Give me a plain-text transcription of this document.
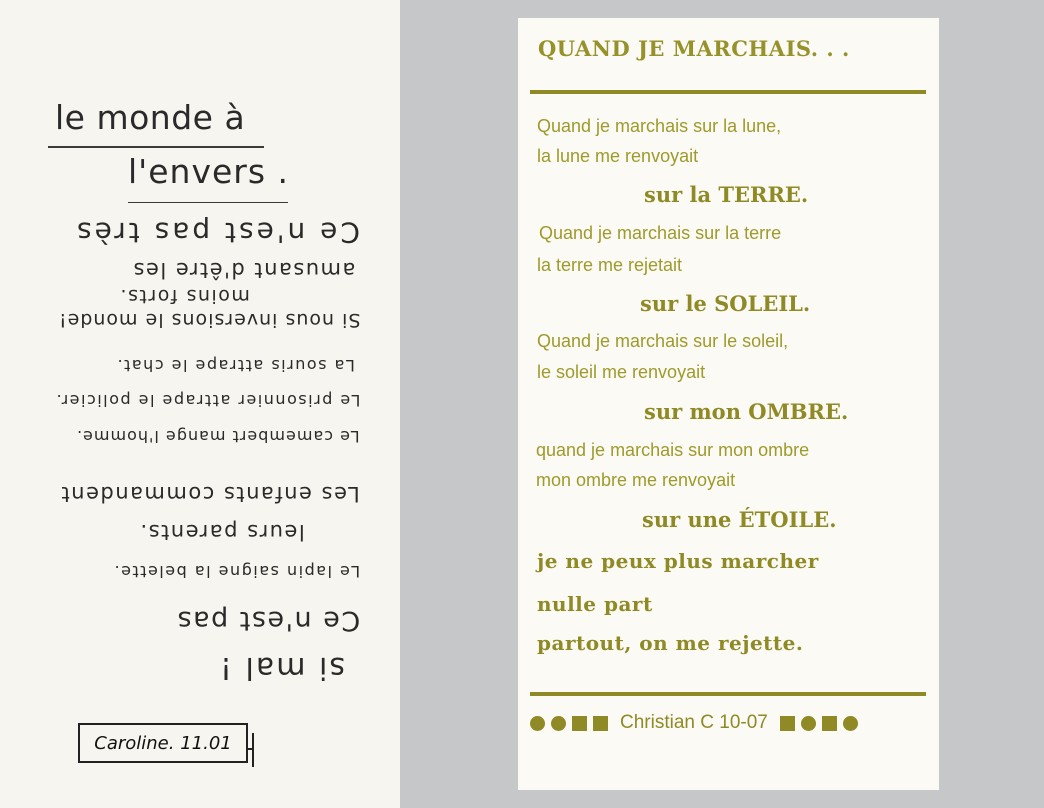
le monde à
l'envers .
Ce n'est pas très
amusant d'être les
moins forts.
Si nous inversions le monde!
La souris attrape le chat.
Le prisonnier attrape le policier.
Le camembert mange l'homme.
Les enfants commandent
leurs parents.
Le lapin saigne la belette.
Ce n'est pas
si mal !
Caroline. 11.01
QUAND JE MARCHAIS. . .
Quand je marchais sur la lune,
la lune me renvoyait
sur la TERRE.
Quand je marchais sur la terre
la terre me rejetait
sur le SOLEIL.
Quand je marchais sur le soleil,
le soleil me renvoyait
sur mon OMBRE.
quand je marchais sur mon ombre
mon ombre me renvoyait
sur une ÉTOILE.
je ne peux plus marcher
nulle part
partout, on me rejette.
Christian C 10-07
